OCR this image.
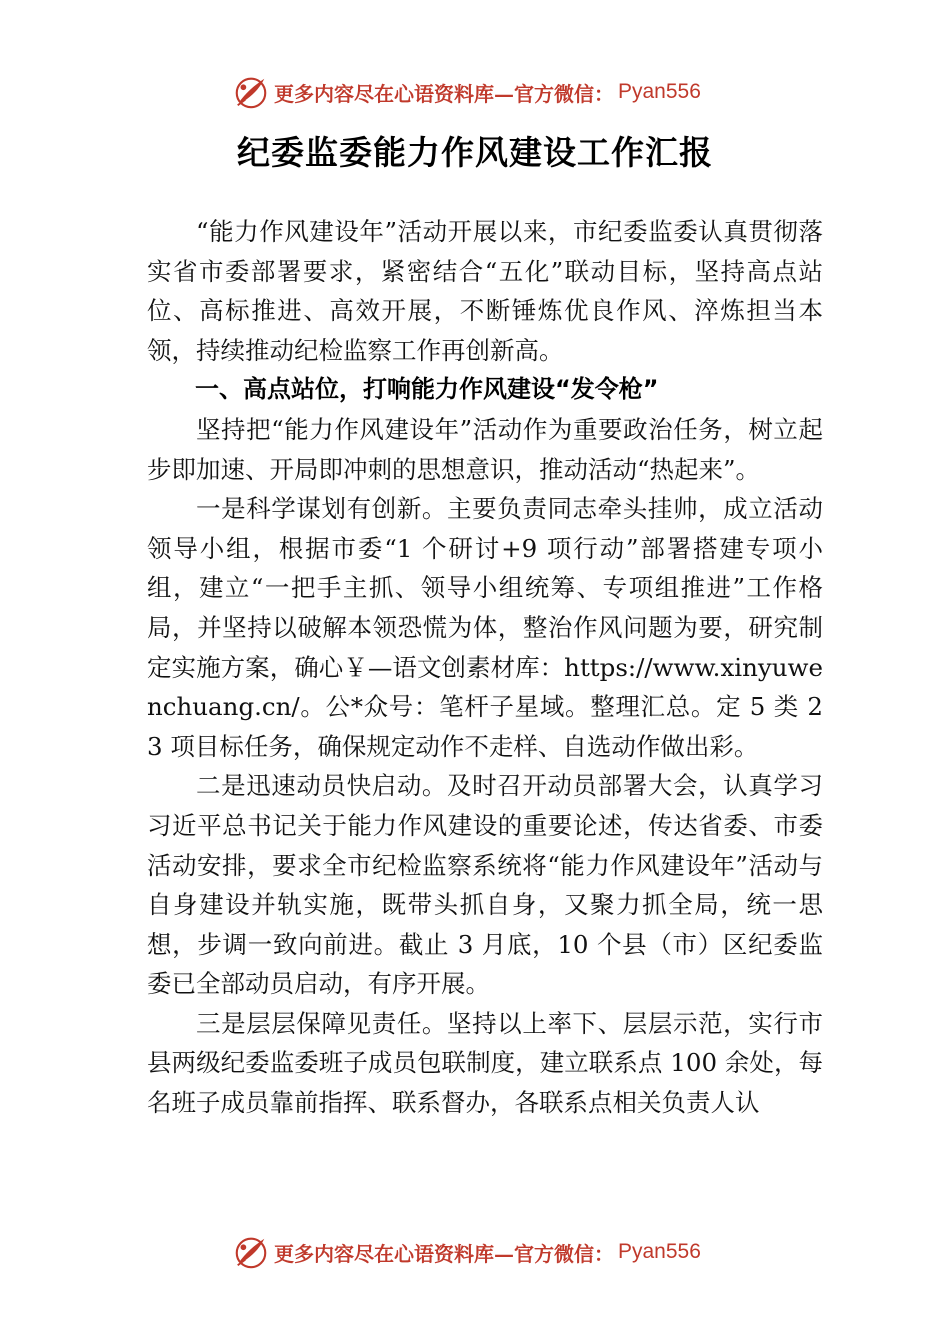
更多内容尽在心语资料库—官方微信： Pyan556
纪委监委能力作风建设工作汇报

“能力作风建设年”活动开展以来，市纪委监委认真贯彻落实省市委部署要求，紧密结合“五化”联动目标，坚持高点站位、高标推进、高效开展，不断锤炼优良作风、淬炼担当本领，持续推动纪检监察工作再创新高。

一、高点站位，打响能力作风建设“发令枪”

坚持把“能力作风建设年”活动作为重要政治任务，树立起步即加速、开局即冲刺的思想意识，推动活动“热起来”。

一是科学谋划有创新。主要负责同志牵头挂帅，成立活动领导小组，根据市委“1 个研讨+9 项行动”部署搭建专项小组，建立“一把手主抓、领导小组统筹、专项组推进”工作格局，并坚持以破解本领恐慌为体，整治作风问题为要，研究制定实施方案，确心￥—语文创素材库：https://www.xinyuwenchuang.cn/。公*众号：笔杆子星域。整理汇总。定 5 类 23 项目标任务，确保规定动作不走样、自选动作做出彩。

二是迅速动员快启动。及时召开动员部署大会，认真学习习近平总书记关于能力作风建设的重要论述，传达省委、市委活动安排，要求全市纪检监察系统将“能力作风建设年”活动与自身建设并轨实施，既带头抓自身，又聚力抓全局，统一思想，步调一致向前进。截止 3 月底，10 个县（市）区纪委监委已全部动员启动，有序开展。

三是层层保障见责任。坚持以上率下、层层示范，实行市县两级纪委监委班子成员包联制度，建立联系点 100 余处，每名班子成员靠前指挥、联系督办，各联系点相关负责人认

更多内容尽在心语资料库—官方微信： Pyan556
